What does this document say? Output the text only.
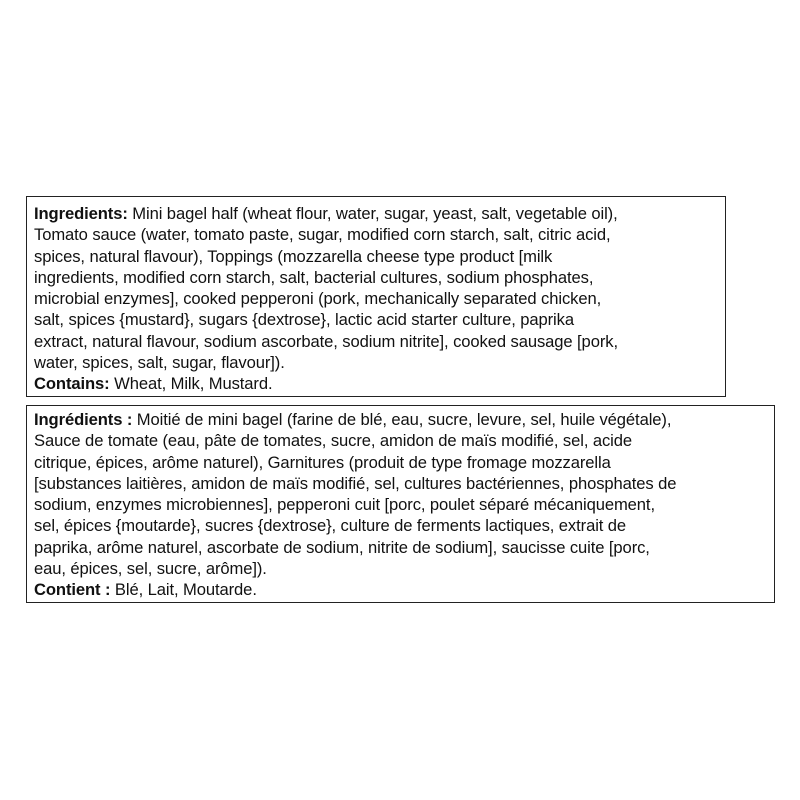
Ingredients: Mini bagel half (wheat flour, water, sugar, yeast, salt, vegetable oil),
Tomato sauce (water, tomato paste, sugar, modified corn starch, salt, citric acid,
spices, natural flavour), Toppings (mozzarella cheese type product [milk
ingredients, modified corn starch, salt, bacterial cultures, sodium phosphates,
microbial enzymes], cooked pepperoni (pork, mechanically separated chicken,
salt, spices {mustard}, sugars {dextrose}, lactic acid starter culture, paprika
extract, natural flavour, sodium ascorbate, sodium nitrite], cooked sausage [pork,
water, spices, salt, sugar, flavour]).
Contains: Wheat, Milk, Mustard.
Ingrédients : Moitié de mini bagel (farine de blé, eau, sucre, levure, sel, huile végétale),
Sauce de tomate (eau, pâte de tomates, sucre, amidon de maïs modifié, sel, acide
citrique, épices, arôme naturel), Garnitures (produit de type fromage mozzarella
[substances laitières, amidon de maïs modifié, sel, cultures bactériennes, phosphates de
sodium, enzymes microbiennes], pepperoni cuit [porc, poulet séparé mécaniquement,
sel, épices {moutarde}, sucres {dextrose}, culture de ferments lactiques, extrait de
paprika, arôme naturel, ascorbate de sodium, nitrite de sodium], saucisse cuite [porc,
eau, épices, sel, sucre, arôme]).
Contient : Blé, Lait, Moutarde.
